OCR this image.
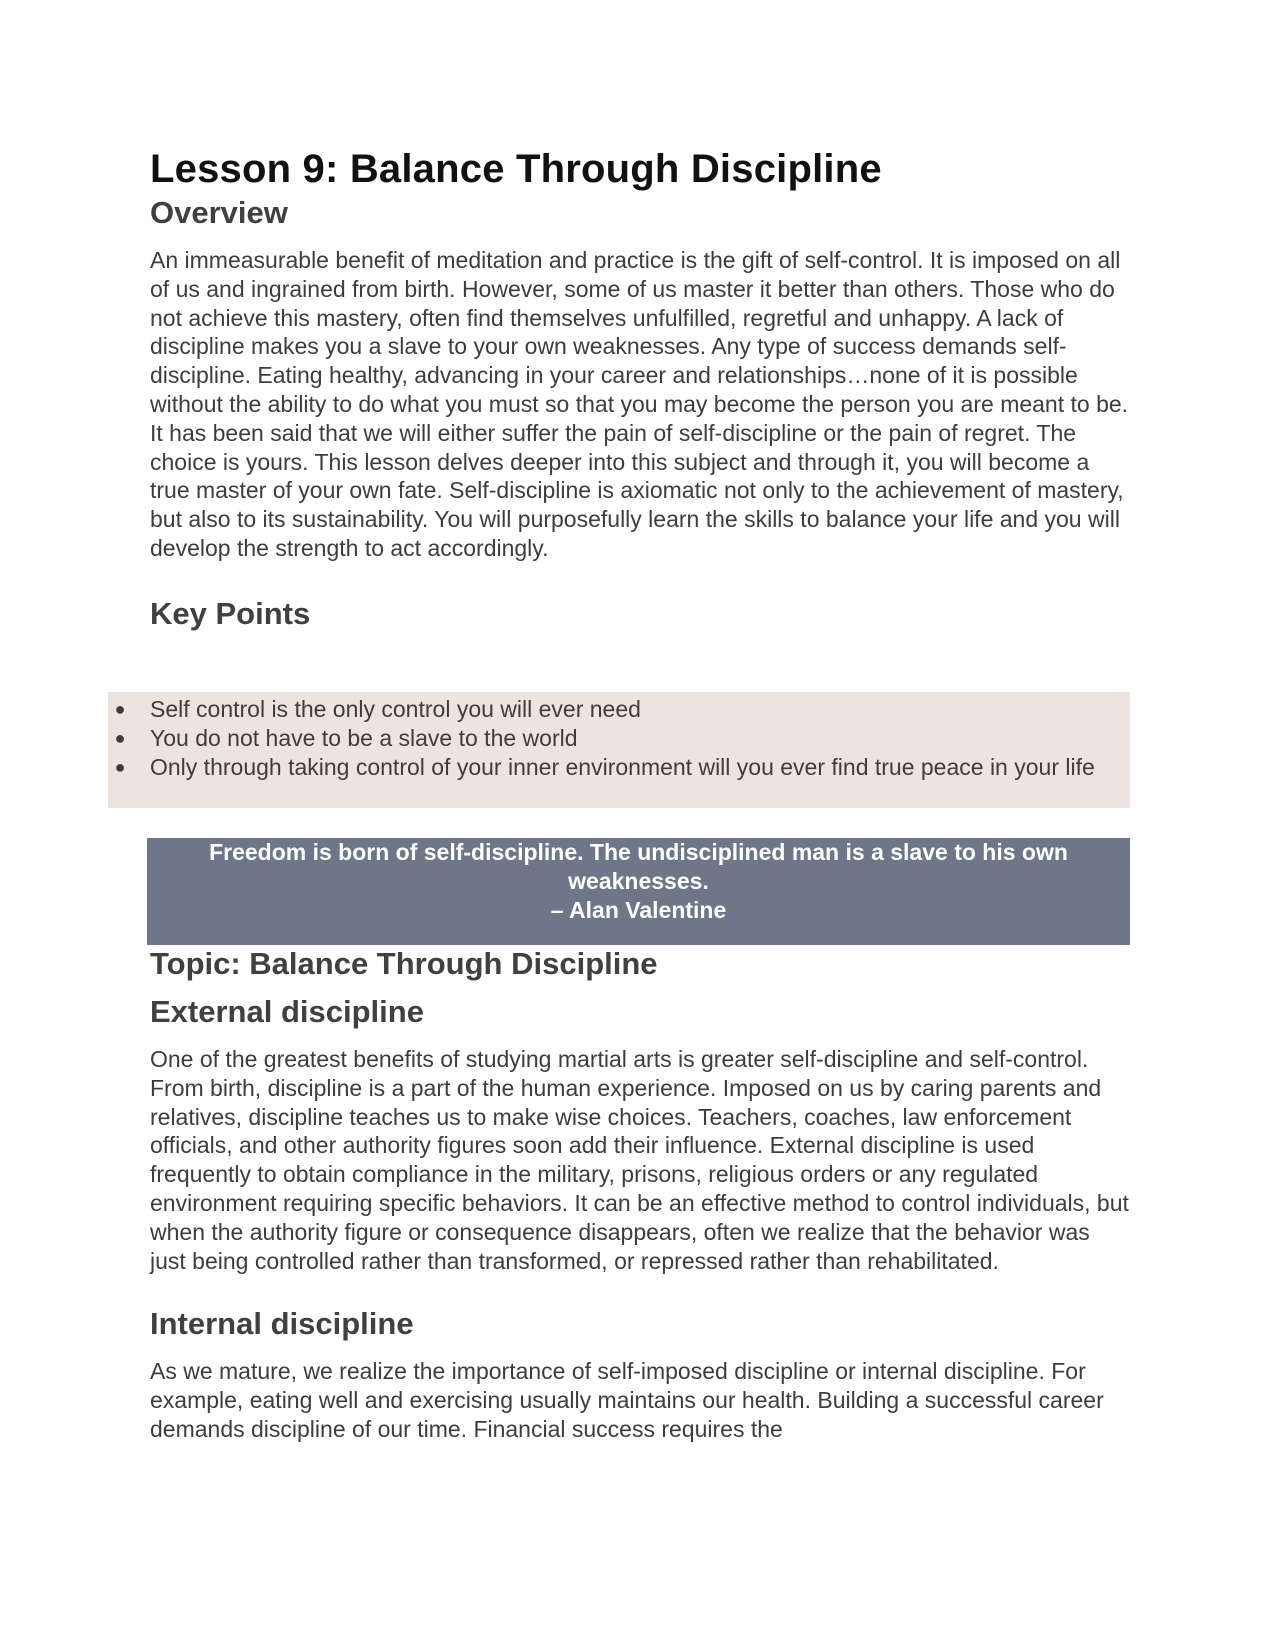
Lesson 9: Balance Through Discipline
Overview

An immeasurable benefit of meditation and practice is the gift of self-control. It is imposed on all of us and ingrained from birth. However, some of us master it better than others. Those who do not achieve this mastery, often find themselves unfulfilled, regretful and unhappy. A lack of discipline makes you a slave to your own weaknesses. Any type of success demands self-discipline. Eating healthy, advancing in your career and relationships…none of it is possible without the ability to do what you must so that you may become the person you are meant to be. It has been said that we will either suffer the pain of self-discipline or the pain of regret. The choice is yours. This lesson delves deeper into this subject and through it, you will become a true master of your own fate. Self-discipline is axiomatic not only to the achievement of mastery, but also to its sustainability. You will purposefully learn the skills to balance your life and you will develop the strength to act accordingly.

Key Points
● Self control is the only control you will ever need
● You do not have to be a slave to the world
● Only through taking control of your inner environment will you ever find true peace in your life
Freedom is born of self-discipline. The undisciplined man is a slave to his own weaknesses.
– Alan Valentine
Topic: Balance Through Discipline
External discipline

One of the greatest benefits of studying martial arts is greater self-discipline and self-control. From birth, discipline is a part of the human experience. Imposed on us by caring parents and relatives, discipline teaches us to make wise choices. Teachers, coaches, law enforcement officials, and other authority figures soon add their influence. External discipline is used frequently to obtain compliance in the military, prisons, religious orders or any regulated environment requiring specific behaviors. It can be an effective method to control individuals, but when the authority figure or consequence disappears, often we realize that the behavior was just being controlled rather than transformed, or repressed rather than rehabilitated.

Internal discipline

As we mature, we realize the importance of self-imposed discipline or internal discipline. For example, eating well and exercising usually maintains our health. Building a successful career demands discipline of our time. Financial success requires the
